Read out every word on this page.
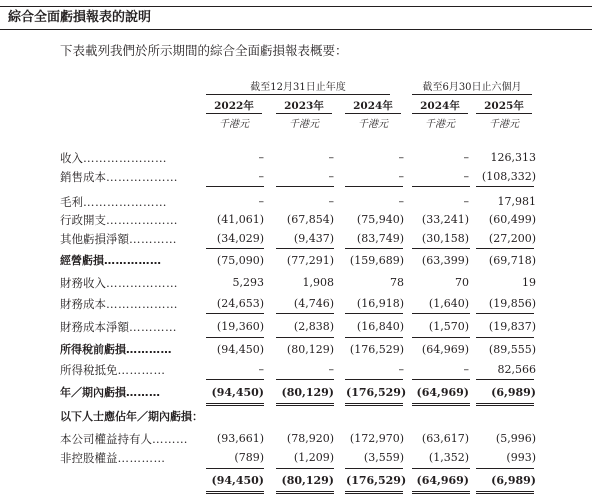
綜合全面虧損報表的說明
下表載列我們於所示期間的綜合全面虧損報表概要：
截至12月31日止年度	截至6月30日止六個月
2022年	2023年	2024年	2024年	2025年
千港元	千港元	千港元	千港元	千港元
收入…………………	–	–	–	–	126,313
銷售成本………………	–	–	–	–	(108,332)
毛利…………………	–	–	–	–	17,981
行政開支………………	(41,061)	(67,854)	(75,940)	(33,241)	(60,499)
其他虧損淨額…………	(34,029)	(9,437)	(83,749)	(30,158)	(27,200)
經營虧損……………	(75,090)	(77,291)	(159,689)	(63,399)	(69,718)
財務收入………………	5,293	1,908	78	70	19
財務成本………………	(24,653)	(4,746)	(16,918)	(1,640)	(19,856)
財務成本淨額…………	(19,360)	(2,838)	(16,840)	(1,570)	(19,837)
所得稅前虧損…………	(94,450)	(80,129)	(176,529)	(64,969)	(89,555)
所得稅抵免…………	–	–	–	–	82,566
年／期內虧損………	(94,450)	(80,129) (176,529) (64,969)	(6,989)
以下人士應佔年／期內虧損：
本公司權益持有人………	(93,661)	(78,920)	(172,970)	(63,617)	(5,996)
非控股權益…………	(789)	(1,209)	(3,559)	(1,352)	(993)
(94,450)	(80,129) (176,529) (64,969)	(6,989)
